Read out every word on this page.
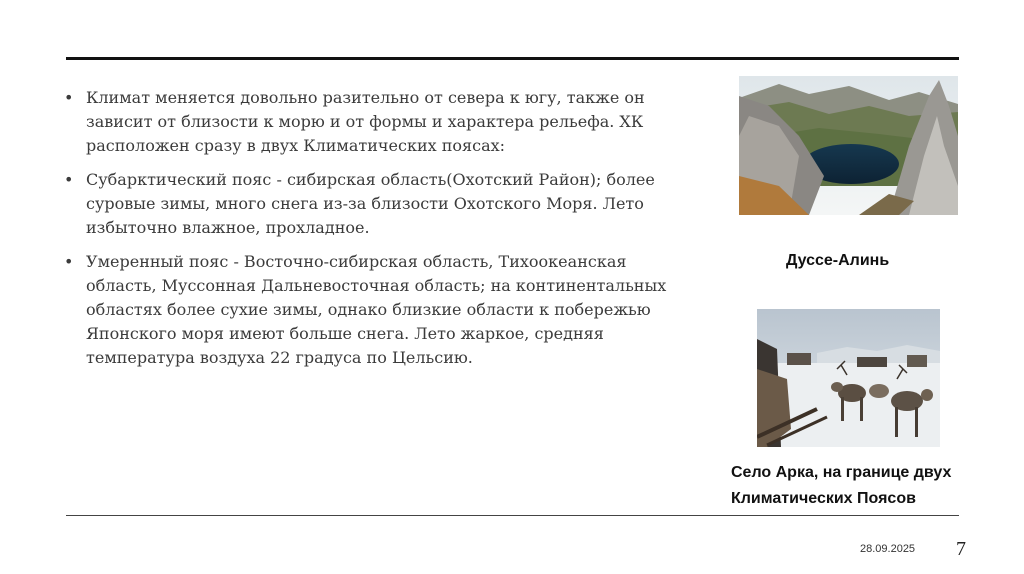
• Климат меняется довольно разительно от севера к югу, также он зависит от близости к морю и от формы и характера рельефа. ХК расположен сразу в двух Климатических поясах:
• Субарктический пояс - сибирская область(Охотский Район); более суровые зимы, много снега из-за близости Охотского Моря. Лето избыточно влажное, прохладное.
• Умеренный пояс - Восточно-сибирская область, Тихоокеанская область, Муссонная Дальневосточная область; на континентальных областях более сухие зимы, однако близкие области к побережью Японского моря имеют больше снега. Лето жаркое, средняя температура воздуха 22 градуса по Цельсию.
Дуссе-Алинь
Село Арка, на границе двух Климатических Поясов
28.09.2025 7
